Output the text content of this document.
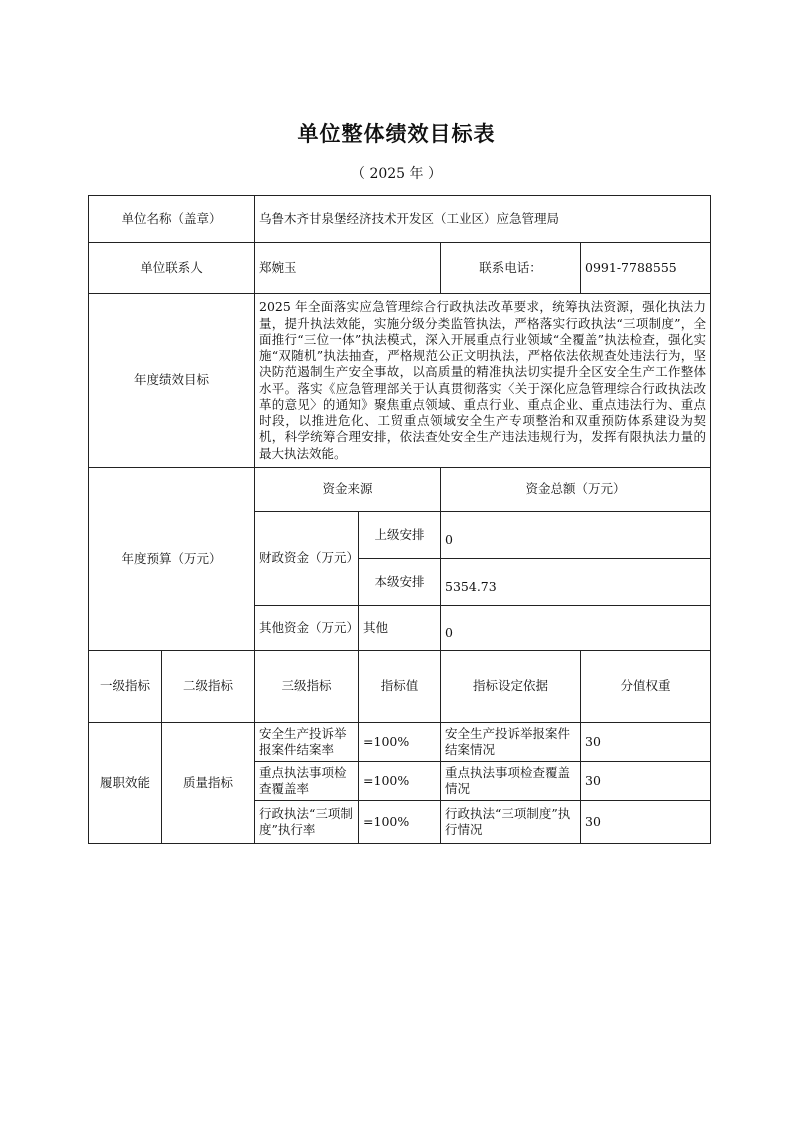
单位整体绩效目标表
（ 2025 年 ）
单位名称（盖章）		乌鲁木齐甘泉堡经济技术开发区（工业区）应急管理局			
单位联系人		郑婉玉		联系电话：	0991-7788555
年度绩效目标		2025 年全面落实应急管理综合行政执法改革要求，统筹执法资源，强化执法力量，提升执法效能，实施分级分类监管执法，严格落实行政执法“三项制度”，全面推行“三位一体”执法模式，深入开展重点行业领域“全覆盖”执法检查，强化实施“双随机”执法抽查，严格规范公正文明执法，严格依法依规查处违法行为，坚决防范遏制生产安全事故，以高质量的精准执法切实提升全区安全生产工作整体水平。落实《应急管理部关于认真贯彻落实〈关于深化应急管理综合行政执法改革的意见〉的通知》聚焦重点领域、重点行业、重点企业、重点违法行为、重点时段，以推进危化、工贸重点领域安全生产专项整治和双重预防体系建设为契机，科学统筹合理安排，依法查处安全生产违法违规行为，发挥有限执法力量的最大执法效能。			
年度预算（万元）		资金来源		资金总额（万元）	
		财政资金（万元）	上级安排	0	
			本级安排	5354.73	
		其他资金（万元）	其他	0	
一级指标	二级指标	三级指标	指标值	指标设定依据	分值权重
履职效能	质量指标	安全生产投诉举报案件结案率	=100%	安全生产投诉举报案件结案情况	30
		重点执法事项检查覆盖率	=100%	重点执法事项检查覆盖情况	30
		行政执法“三项制度”执行率	=100%	行政执法“三项制度”执行情况	30
